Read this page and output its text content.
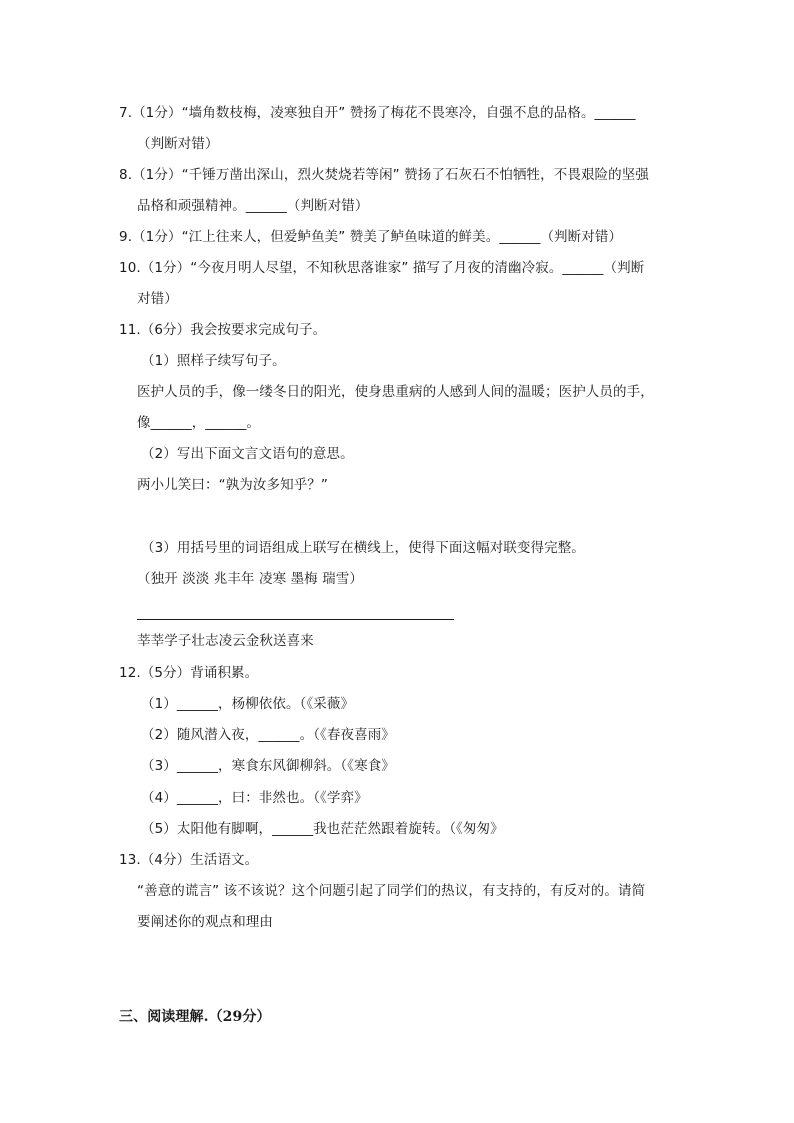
7.（1分）“墙角数枝梅，凌寒独自开” 赞扬了梅花不畏寒冷，自强不息的品格。______
（判断对错）
8.（1分）“千锤万凿出深山，烈火焚烧若等闲” 赞扬了石灰石不怕牺牲，不畏艰险的坚强
品格和顽强精神。______（判断对错）
9.（1分）“江上往来人，但爱鲈鱼美” 赞美了鲈鱼味道的鲜美。______（判断对错）
10.（1分）“今夜月明人尽望，不知秋思落谁家” 描写了月夜的清幽冷寂。______（判断
对错）
11.（6分）我会按要求完成句子。
（1）照样子续写句子。
医护人员的手，像一缕冬日的阳光，使身患重病的人感到人间的温暖；医护人员的手，
像______，______。
（2）写出下面文言文语句的意思。
两小儿笑曰：“孰为汝多知乎？”
（3）用括号里的词语组成上联写在横线上，使得下面这幅对联变得完整。
（独开 淡淡 兆丰年 凌寒 墨梅 瑞雪）
莘莘学子壮志凌云金秋送喜来
12.（5分）背诵积累。
（1）______，杨柳依依。（《采薇》
（2）随风潜入夜，______。（《春夜喜雨》
（3）______，寒食东风御柳斜。（《寒食》
（4）______，曰：非然也。（《学弈》
（5）太阳他有脚啊，______我也茫茫然跟着旋转。（《匆匆》
13.（4分）生活语文。
“善意的谎言” 该不该说？这个问题引起了同学们的热议，有支持的，有反对的。请简
要阐述你的观点和理由
三、阅读理解.（29分）
